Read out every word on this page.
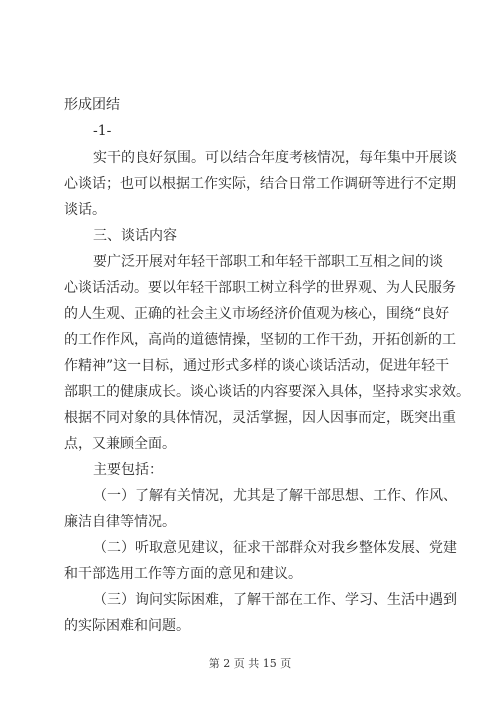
形成团结
-1-
实干的良好氛围。可以结合年度考核情况，每年集中开展谈
心谈话；也可以根据工作实际，结合日常工作调研等进行不定期
谈话。
三、谈话内容
要广泛开展对年轻干部职工和年轻干部职工互相之间的谈
心谈话活动。要以年轻干部职工树立科学的世界观、为人民服务
的人生观、正确的社会主义市场经济价值观为核心，围绕“良好
的工作作风，高尚的道德情操，坚韧的工作干劲，开拓创新的工
作精神”这一目标，通过形式多样的谈心谈话活动，促进年轻干
部职工的健康成长。谈心谈话的内容要深入具体，坚持求实求效。
根据不同对象的具体情况，灵活掌握，因人因事而定，既突出重
点，又兼顾全面。
主要包括：
（一）了解有关情况，尤其是了解干部思想、工作、作风、
廉洁自律等情况。
（二）听取意见建议，征求干部群众对我乡整体发展、党建
和干部选用工作等方面的意见和建议。
（三）询问实际困难，了解干部在工作、学习、生活中遇到
的实际困难和问题。
第 2 页 共 15 页
